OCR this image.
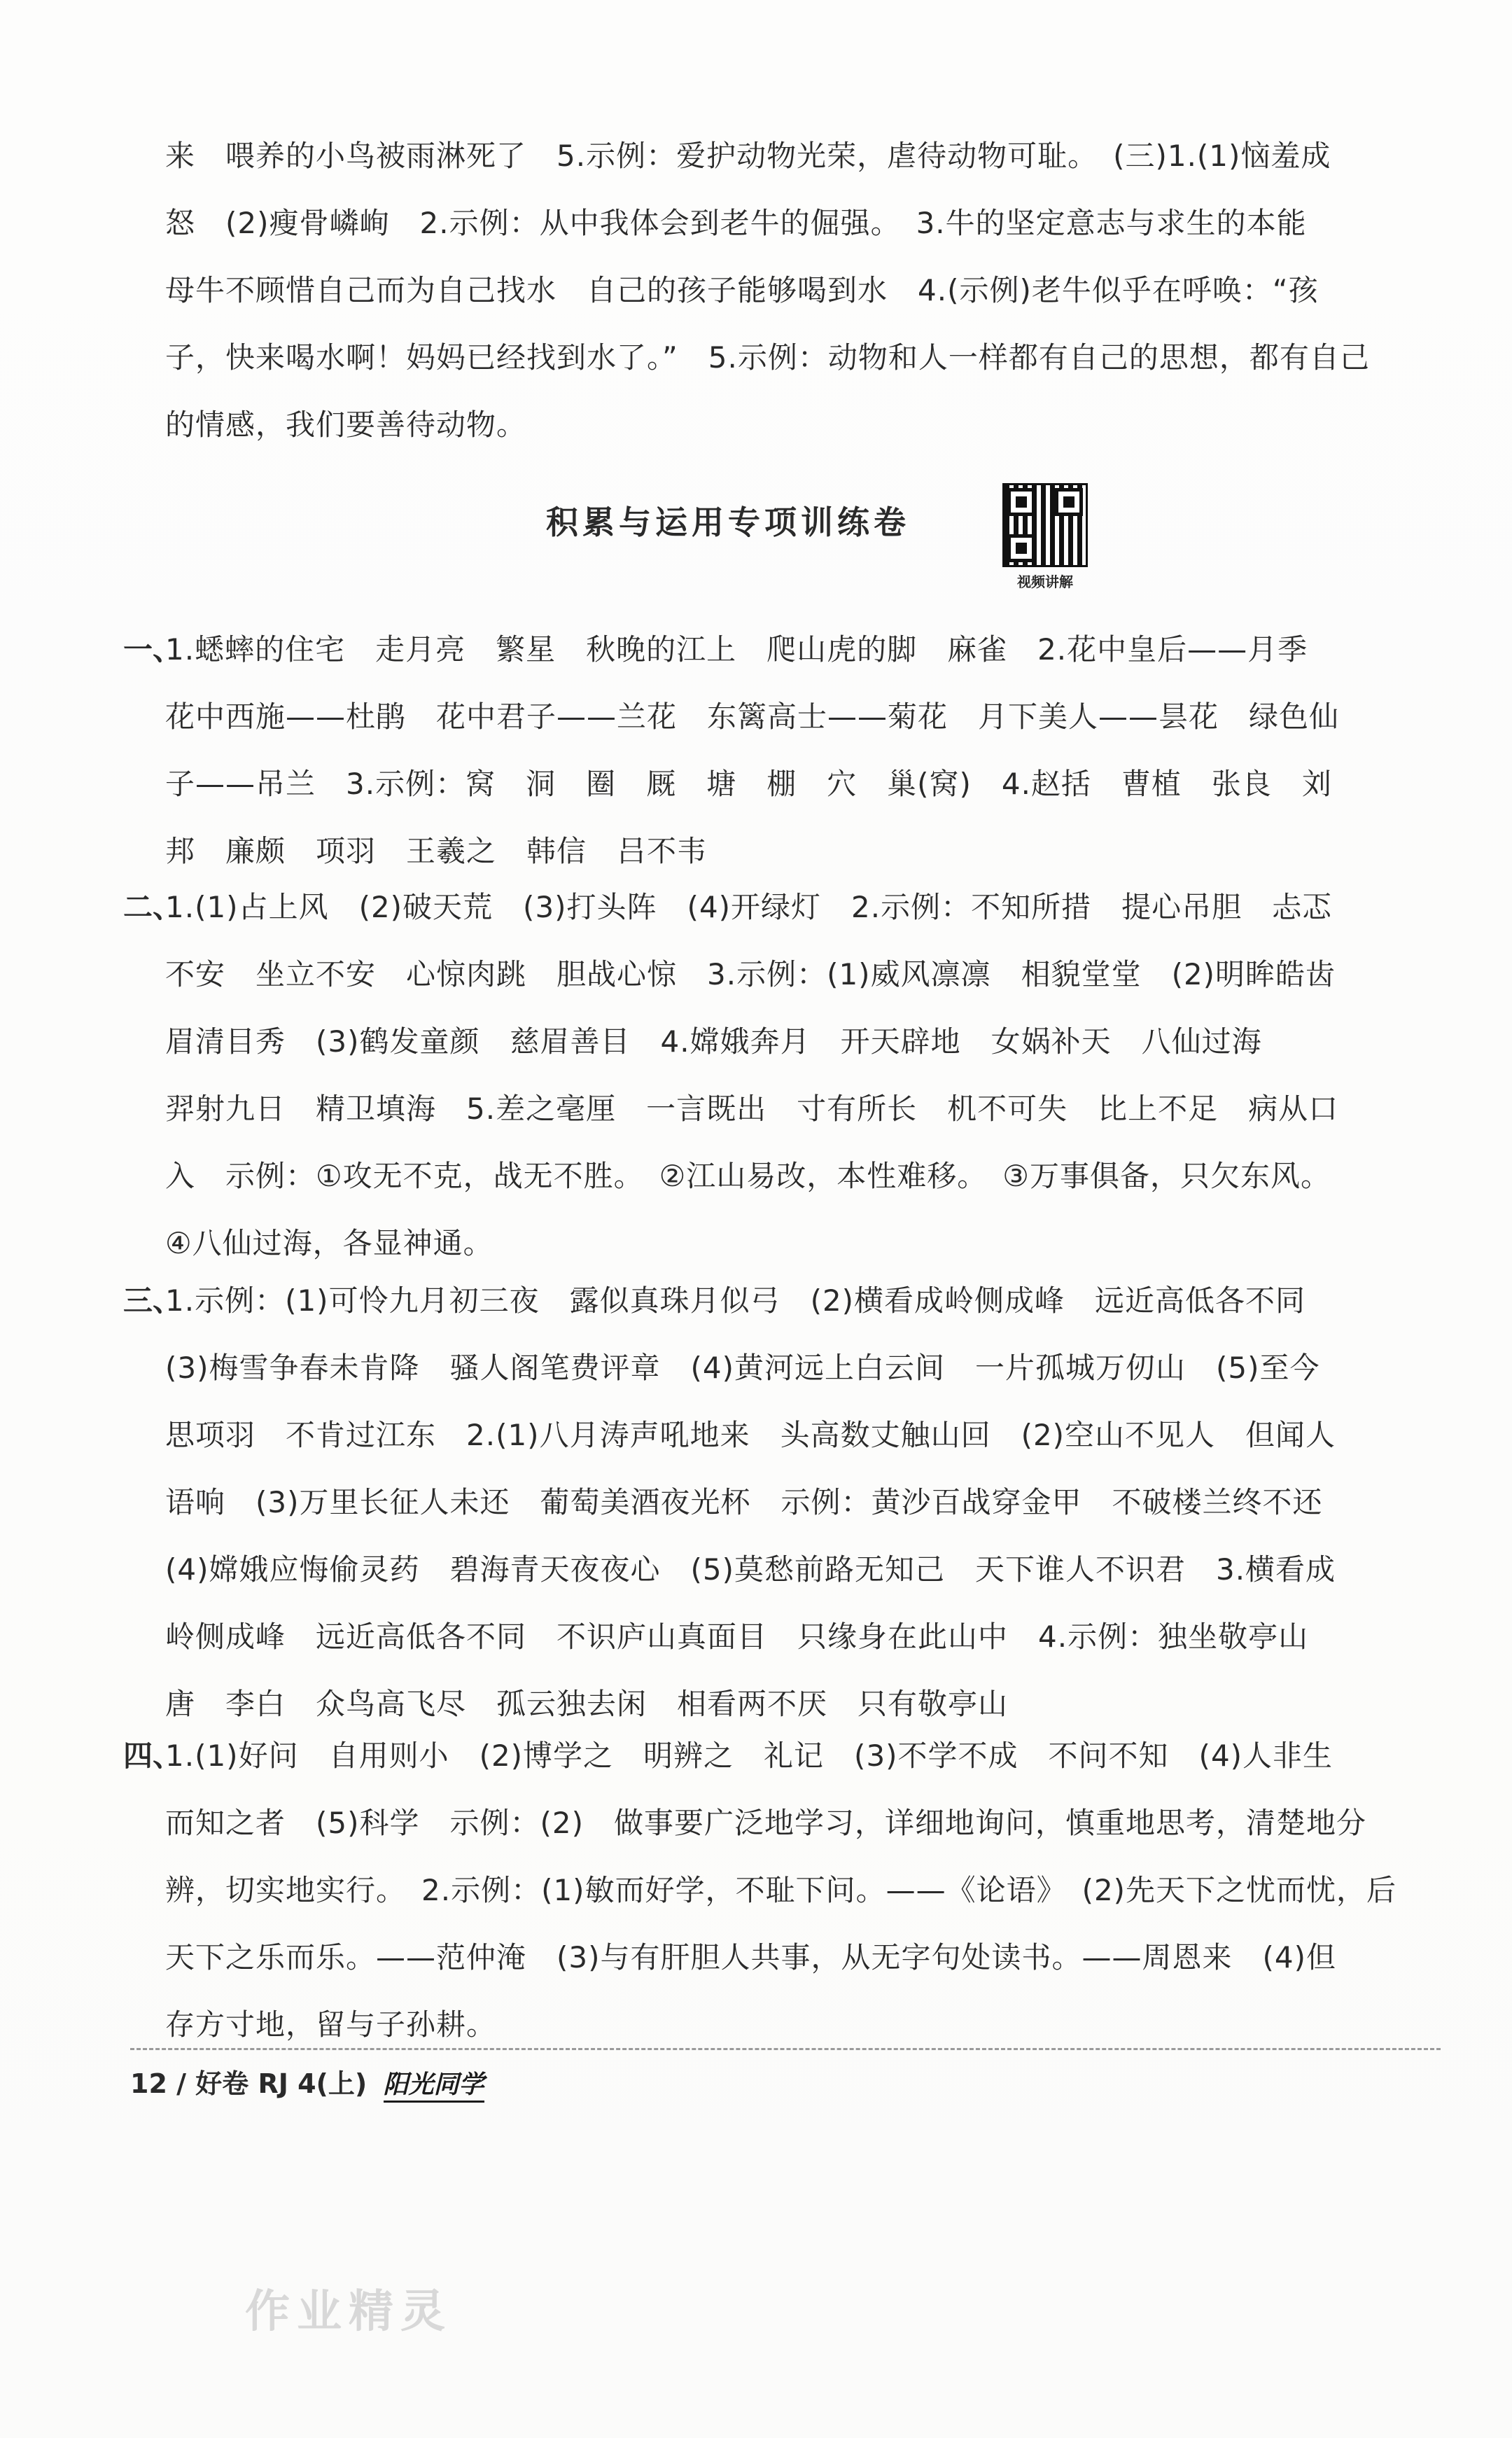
来　喂养的小鸟被雨淋死了　5.示例：爱护动物光荣，虐待动物可耻。　(三)1.(1)恼羞成
怒　(2)瘦骨嶙峋　2.示例：从中我体会到老牛的倔强。　3.牛的坚定意志与求生的本能
母牛不顾惜自己而为自己找水　自己的孩子能够喝到水　4.(示例)老牛似乎在呼唤：“孩
子，快来喝水啊！妈妈已经找到水了。”　5.示例：动物和人一样都有自己的思想，都有自己
的情感，我们要善待动物。
积累与运用专项训练卷
视频讲解
一、
1.蟋蟀的住宅　走月亮　繁星　秋晚的江上　爬山虎的脚　麻雀　2.花中皇后——月季
花中西施——杜鹃　花中君子——兰花　东篱高士——菊花　月下美人——昙花　绿色仙
子——吊兰　3.示例：窝　洞　圈　厩　塘　棚　穴　巢(窝)　4.赵括　曹植　张良　刘
邦　廉颇　项羽　王羲之　韩信　吕不韦
二、
1.(1)占上风　(2)破天荒　(3)打头阵　(4)开绿灯　2.示例：不知所措　提心吊胆　忐忑
不安　坐立不安　心惊肉跳　胆战心惊　3.示例：(1)威风凛凛　相貌堂堂　(2)明眸皓齿
眉清目秀　(3)鹤发童颜　慈眉善目　4.嫦娥奔月　开天辟地　女娲补天　八仙过海
羿射九日　精卫填海　5.差之毫厘　一言既出　寸有所长　机不可失　比上不足　病从口
入　示例：①攻无不克，战无不胜。　②江山易改，本性难移。　③万事俱备，只欠东风。
④八仙过海，各显神通。
三、
1.示例：(1)可怜九月初三夜　露似真珠月似弓　(2)横看成岭侧成峰　远近高低各不同
(3)梅雪争春未肯降　骚人阁笔费评章　(4)黄河远上白云间　一片孤城万仞山　(5)至今
思项羽　不肯过江东　2.(1)八月涛声吼地来　头高数丈触山回　(2)空山不见人　但闻人
语响　(3)万里长征人未还　葡萄美酒夜光杯　示例：黄沙百战穿金甲　不破楼兰终不还
(4)嫦娥应悔偷灵药　碧海青天夜夜心　(5)莫愁前路无知己　天下谁人不识君　3.横看成
岭侧成峰　远近高低各不同　不识庐山真面目　只缘身在此山中　4.示例：独坐敬亭山
唐　李白　众鸟高飞尽　孤云独去闲　相看两不厌　只有敬亭山
四、
1.(1)好问　自用则小　(2)博学之　明辨之　礼记　(3)不学不成　不问不知　(4)人非生
而知之者　(5)科学　示例：(2)　做事要广泛地学习，详细地询问，慎重地思考，清楚地分
辨，切实地实行。　2.示例：(1)敏而好学，不耻下问。——《论语》　(2)先天下之忧而忧，后
天下之乐而乐。——范仲淹　(3)与有肝胆人共事，从无字句处读书。——周恩来　(4)但
存方寸地，留与子孙耕。
12 / 好卷 RJ 4(上) 阳光同学
作业精灵
